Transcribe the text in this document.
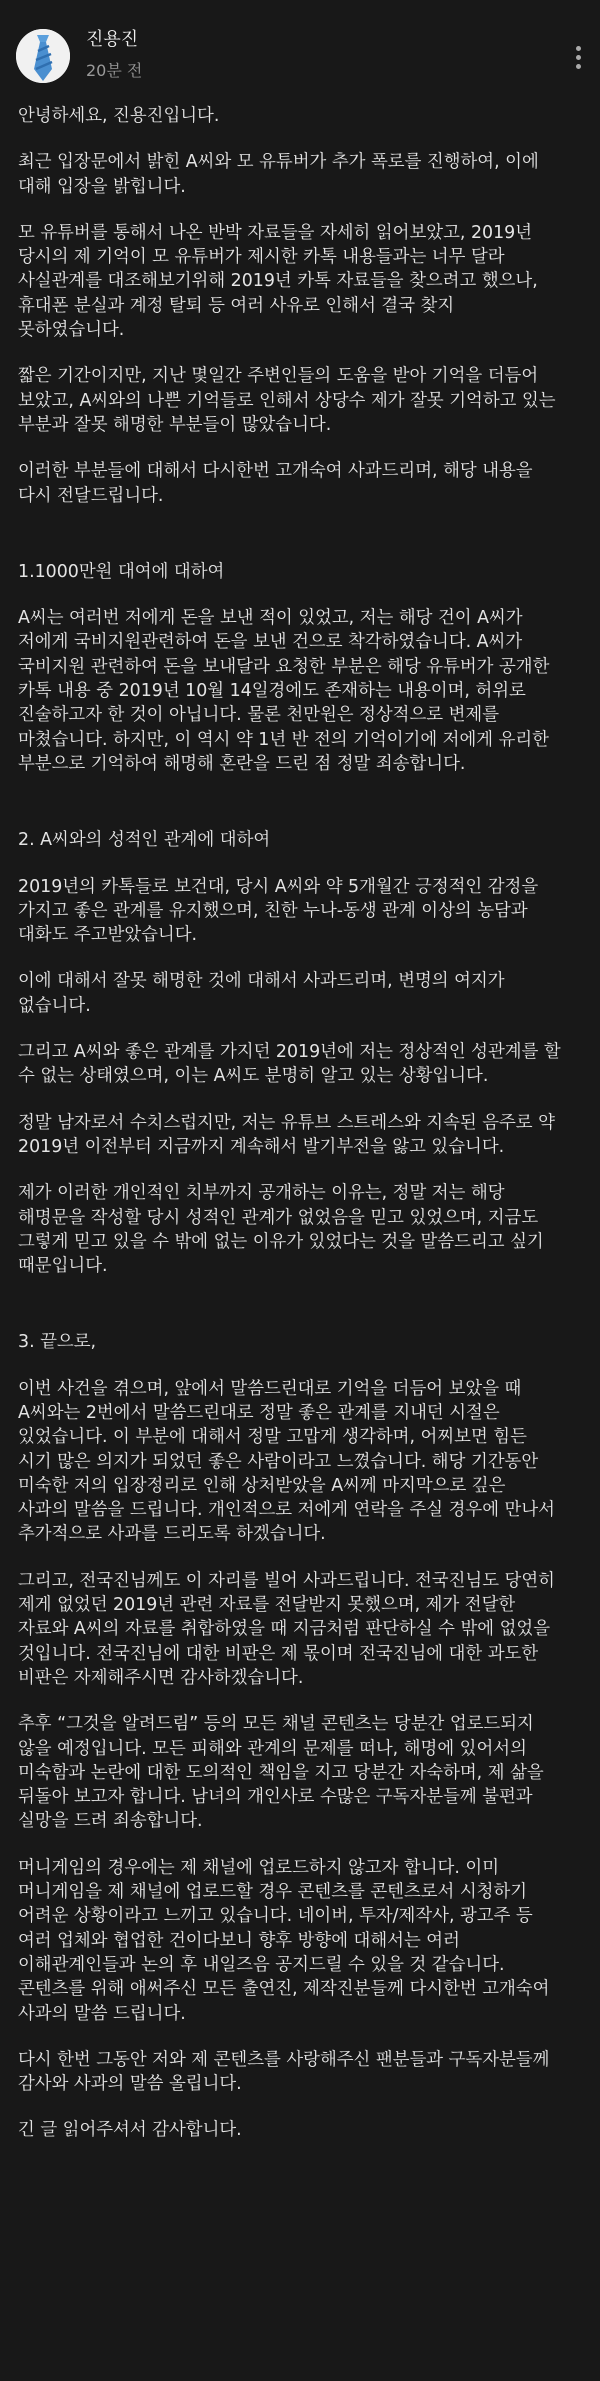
진용진
20분 전

안녕하세요, 진용진입니다.

최근 입장문에서 밝힌 A씨와 모 유튜버가 추가 폭로를 진행하여, 이에
대해 입장을 밝힙니다.

모 유튜버를 통해서 나온 반박 자료들을 자세히 읽어보았고, 2019년
당시의 제 기억이 모 유튜버가 제시한 카톡 내용들과는 너무 달라
사실관계를 대조해보기위해 2019년 카톡 자료들을 찾으려고 했으나,
휴대폰 분실과 계정 탈퇴 등 여러 사유로 인해서 결국 찾지
못하였습니다.

짧은 기간이지만, 지난 몇일간 주변인들의 도움을 받아 기억을 더듬어
보았고, A씨와의 나쁜 기억들로 인해서 상당수 제가 잘못 기억하고 있는
부분과 잘못 해명한 부분들이 많았습니다.

이러한 부분들에 대해서 다시한번 고개숙여 사과드리며, 해당 내용을
다시 전달드립니다.

1.1000만원 대여에 대하여

A씨는 여러번 저에게 돈을 보낸 적이 있었고, 저는 해당 건이 A씨가
저에게 국비지원관련하여 돈을 보낸 건으로 착각하였습니다. A씨가
국비지원 관련하여 돈을 보내달라 요청한 부분은 해당 유튜버가 공개한
카톡 내용 중 2019년 10월 14일경에도 존재하는 내용이며, 허위로
진술하고자 한 것이 아닙니다. 물론 천만원은 정상적으로 변제를
마쳤습니다. 하지만, 이 역시 약 1년 반 전의 기억이기에 저에게 유리한
부분으로 기억하여 해명해 혼란을 드린 점 정말 죄송합니다.

2. A씨와의 성적인 관계에 대하여

2019년의 카톡들로 보건대, 당시 A씨와 약 5개월간 긍정적인 감정을
가지고 좋은 관계를 유지했으며, 친한 누나-동생 관계 이상의 농담과
대화도 주고받았습니다.

이에 대해서 잘못 해명한 것에 대해서 사과드리며, 변명의 여지가
없습니다.

그리고 A씨와 좋은 관계를 가지던 2019년에 저는 정상적인 성관계를 할
수 없는 상태였으며, 이는 A씨도 분명히 알고 있는 상황입니다.

정말 남자로서 수치스럽지만, 저는 유튜브 스트레스와 지속된 음주로 약
2019년 이전부터 지금까지 계속해서 발기부전을 앓고 있습니다.

제가 이러한 개인적인 치부까지 공개하는 이유는, 정말 저는 해당
해명문을 작성할 당시 성적인 관계가 없었음을 믿고 있었으며, 지금도
그렇게 믿고 있을 수 밖에 없는 이유가 있었다는 것을 말씀드리고 싶기
때문입니다.

3. 끝으로,

이번 사건을 겪으며, 앞에서 말씀드린대로 기억을 더듬어 보았을 때
A씨와는 2번에서 말씀드린대로 정말 좋은 관계를 지내던 시절은
있었습니다. 이 부분에 대해서 정말 고맙게 생각하며, 어찌보면 힘든
시기 많은 의지가 되었던 좋은 사람이라고 느꼈습니다. 해당 기간동안
미숙한 저의 입장정리로 인해 상처받았을 A씨께 마지막으로 깊은
사과의 말씀을 드립니다. 개인적으로 저에게 연락을 주실 경우에 만나서
추가적으로 사과를 드리도록 하겠습니다.

그리고, 전국진님께도 이 자리를 빌어 사과드립니다. 전국진님도 당연히
제게 없었던 2019년 관련 자료를 전달받지 못했으며, 제가 전달한
자료와 A씨의 자료를 취합하였을 때 지금처럼 판단하실 수 밖에 없었을
것입니다. 전국진님에 대한 비판은 제 몫이며 전국진님에 대한 과도한
비판은 자제해주시면 감사하겠습니다.

추후 “그것을 알려드림” 등의 모든 채널 콘텐츠는 당분간 업로드되지
않을 예정입니다. 모든 피해와 관계의 문제를 떠나, 해명에 있어서의
미숙함과 논란에 대한 도의적인 책임을 지고 당분간 자숙하며, 제 삶을
뒤돌아 보고자 합니다. 남녀의 개인사로 수많은 구독자분들께 불편과
실망을 드려 죄송합니다.

머니게임의 경우에는 제 채널에 업로드하지 않고자 합니다. 이미
머니게임을 제 채널에 업로드할 경우 콘텐츠를 콘텐츠로서 시청하기
어려운 상황이라고 느끼고 있습니다. 네이버, 투자/제작사, 광고주 등
여러 업체와 협업한 건이다보니 향후 방향에 대해서는 여러
이해관계인들과 논의 후 내일즈음 공지드릴 수 있을 것 같습니다.
콘텐츠를 위해 애써주신 모든 출연진, 제작진분들께 다시한번 고개숙여
사과의 말씀 드립니다.

다시 한번 그동안 저와 제 콘텐츠를 사랑해주신 팬분들과 구독자분들께
감사와 사과의 말씀 올립니다.

긴 글 읽어주셔서 감사합니다.
